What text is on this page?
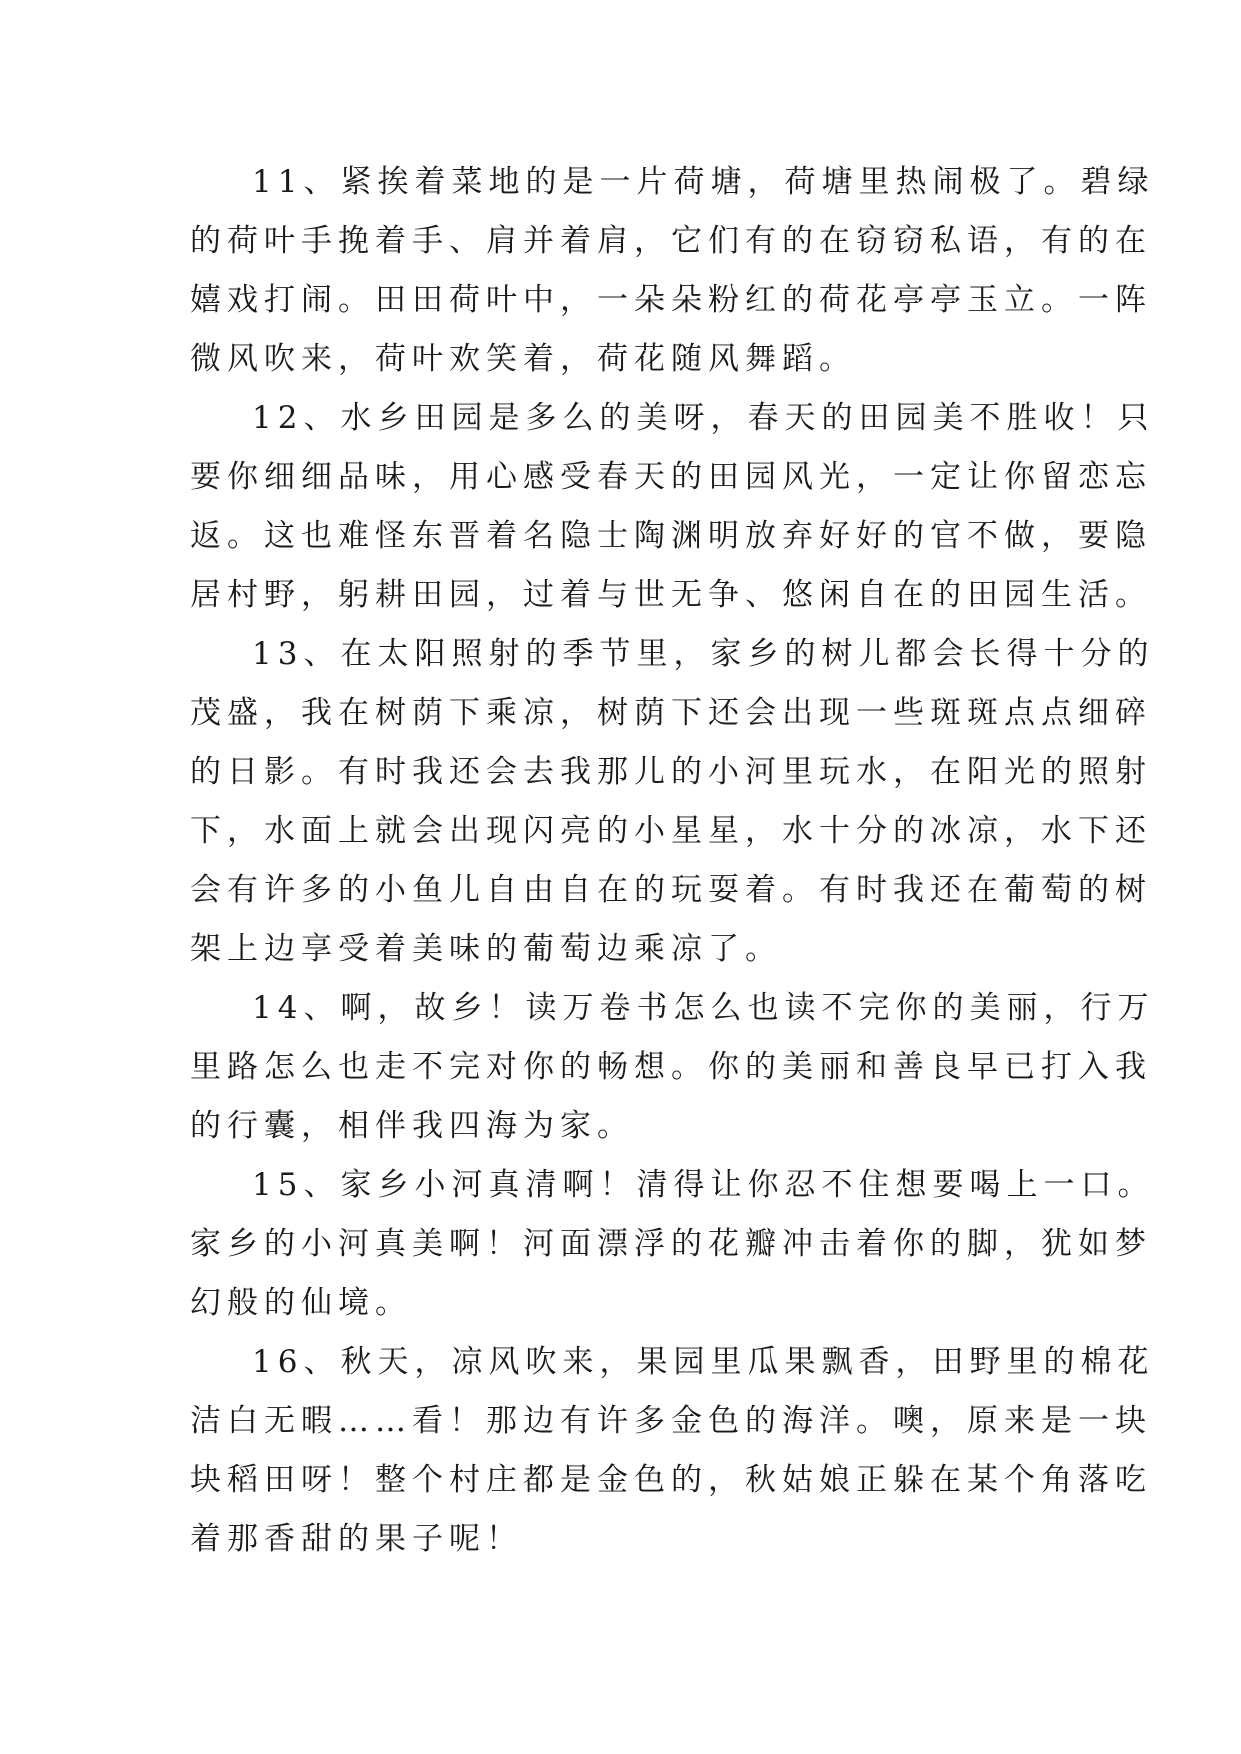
11、紧挨着菜地的是一片荷塘，荷塘里热闹极了。碧绿
的荷叶手挽着手、肩并着肩，它们有的在窃窃私语，有的在
嬉戏打闹。田田荷叶中，一朵朵粉红的荷花亭亭玉立。一阵
微风吹来，荷叶欢笑着，荷花随风舞蹈。

12、水乡田园是多么的美呀，春天的田园美不胜收！只
要你细细品味，用心感受春天的田园风光，一定让你留恋忘
返。这也难怪东晋着名隐士陶渊明放弃好好的官不做，要隐
居村野，躬耕田园，过着与世无争、悠闲自在的田园生活。

13、在太阳照射的季节里，家乡的树儿都会长得十分的
茂盛，我在树荫下乘凉，树荫下还会出现一些斑斑点点细碎
的日影。有时我还会去我那儿的小河里玩水，在阳光的照射
下，水面上就会出现闪亮的小星星，水十分的冰凉，水下还
会有许多的小鱼儿自由自在的玩耍着。有时我还在葡萄的树
架上边享受着美味的葡萄边乘凉了。

14、啊，故乡！读万卷书怎么也读不完你的美丽，行万
里路怎么也走不完对你的畅想。你的美丽和善良早已打入我
的行囊，相伴我四海为家。

15、家乡小河真清啊！清得让你忍不住想要喝上一口。
家乡的小河真美啊！河面漂浮的花瓣冲击着你的脚，犹如梦
幻般的仙境。

16、秋天，凉风吹来，果园里瓜果飘香，田野里的棉花
洁白无暇……看！那边有许多金色的海洋。噢，原来是一块
块稻田呀！整个村庄都是金色的，秋姑娘正躲在某个角落吃
着那香甜的果子呢！
